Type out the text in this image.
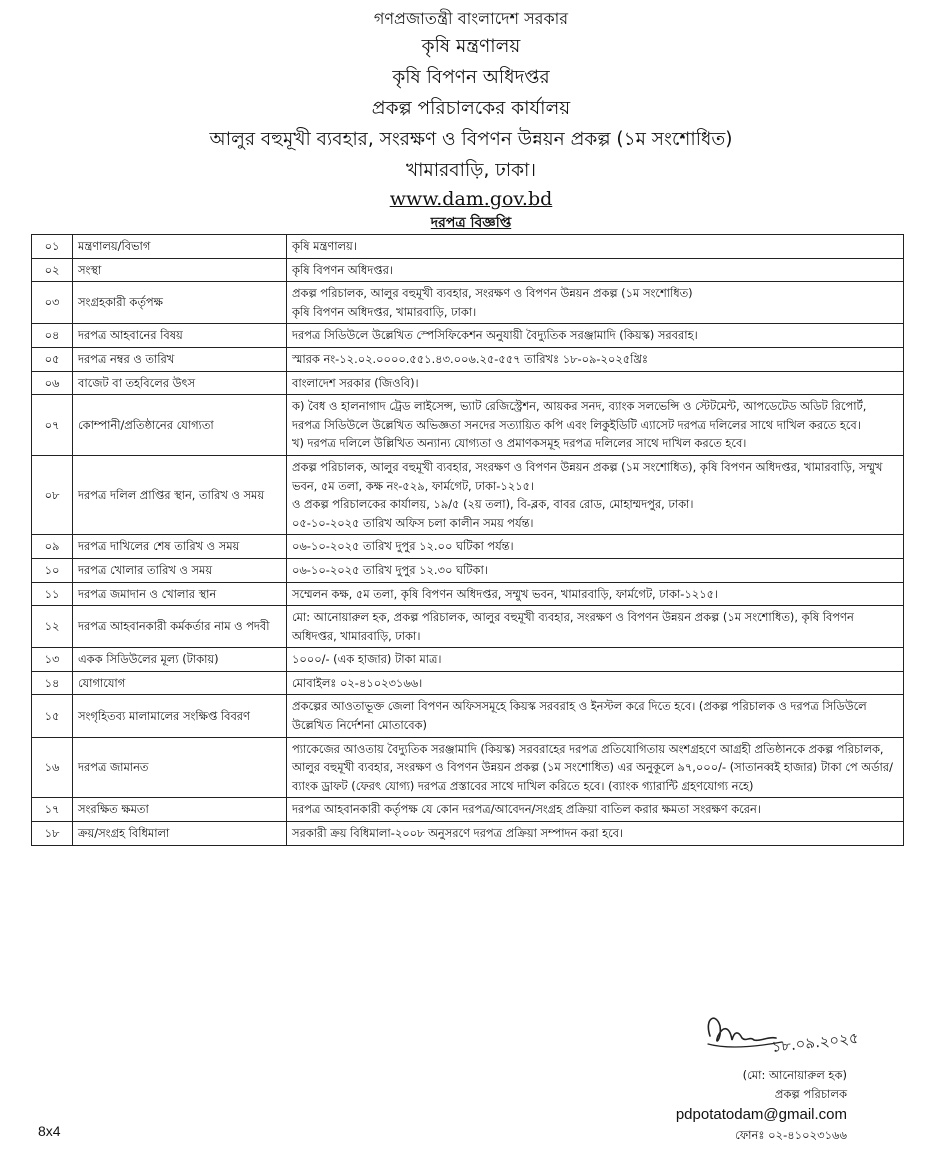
গণপ্রজাতন্ত্রী বাংলাদেশ সরকার
কৃষি মন্ত্রণালয়
কৃষি বিপণন অধিদপ্তর
প্রকল্প পরিচালকের কার্যালয়
আলুর বহুমূখী ব্যবহার, সংরক্ষণ ও বিপণন উন্নয়ন প্রকল্প (১ম সংশোধিত)
খামারবাড়ি, ঢাকা।
www.dam.gov.bd
দরপত্র বিজ্ঞপ্তি
০১	মন্ত্রণালয়/বিভাগ	কৃষি মন্ত্রণালয়।

০২	সংস্থা	কৃষি বিপণন অধিদপ্তর।

০৩	সংগ্রহকারী কর্তৃপক্ষ	প্রকল্প পরিচালক, আলুর বহুমূখী ব্যবহার, সংরক্ষণ ও বিপণন উন্নয়ন প্রকল্প (১ম সংশোধিত)
কৃষি বিপণন অধিদপ্তর, খামারবাড়ি, ঢাকা।

০৪	দরপত্র আহবানের বিষয়	দরপত্র সিডিউলে উল্লেখিত স্পেসিফিকেশন অনুযায়ী বৈদ্যুতিক সরঞ্জামাদি (কিয়স্ক) সরবরাহ।

০৫	দরপত্র নম্বর ও তারিখ	স্মারক নং-১২.০২.০০০০.৫৫১.৪৩.০০৬.২৫-৫৫৭ তারিখঃ ১৮-০৯-২০২৫খ্রিঃ

০৬	বাজেট বা তহবিলের উৎস	বাংলাদেশ সরকার (জিওবি)।

০৭	কোম্পানী/প্রতিষ্ঠানের যোগ্যতা	ক) বৈধ ও হালনাগাদ ট্রেড লাইসেন্স, ভ্যাট রেজিস্ট্রেশন, আয়কর সনদ, ব্যাংক সলভেন্সি ও স্টেটমেন্ট, আপডেটেড অডিট রিপোর্ট, দরপত্র সিডিউলে উল্লেখিত অভিজ্ঞতা সনদের সত্যায়িত কপি এবং লিকুইডিটি এ্যাসেট দরপত্র দলিলের সাথে দাখিল করতে হবে।
খ) দরপত্র দলিলে উল্লিখিত অন্যান্য যোগ্যতা ও প্রমাণকসমূহ দরপত্র দলিলের সাথে দাখিল করতে হবে।

০৮	দরপত্র দলিল প্রাপ্তির স্থান, তারিখ ও সময়	প্রকল্প পরিচালক, আলুর বহুমূখী ব্যবহার, সংরক্ষণ ও বিপণন উন্নয়ন প্রকল্প (১ম সংশোধিত), কৃষি বিপণন অধিদপ্তর, খামারবাড়ি, সম্মুখ ভবন, ৫ম তলা, কক্ষ নং-৫২৯, ফার্মগেট, ঢাকা-১২১৫।
ও প্রকল্প পরিচালকের কার্যালয়, ১৯/৫ (২য় তলা), বি-ব্লক, বাবর রোড, মোহাম্মদপুর, ঢাকা।
০৫-১০-২০২৫ তারিখ অফিস চলা কালীন সময় পর্যন্ত।

০৯	দরপত্র দাখিলের শেষ তারিখ ও সময়	০৬-১০-২০২৫ তারিখ দুপুর ১২.০০ ঘটিকা পর্যন্ত।

১০	দরপত্র খোলার তারিখ ও সময়	০৬-১০-২০২৫ তারিখ দুপুর ১২.৩০ ঘটিকা।

১১	দরপত্র জমাদান ও খোলার স্থান	সম্মেলন কক্ষ, ৫ম তলা, কৃষি বিপণন অধিদপ্তর, সম্মুখ ভবন, খামারবাড়ি, ফার্মগেট, ঢাকা-১২১৫।

১২	দরপত্র আহবানকারী কর্মকর্তার নাম ও পদবী	মো: আনোয়ারুল হক, প্রকল্প পরিচালক, আলুর বহুমূখী ব্যবহার, সংরক্ষণ ও বিপণন উন্নয়ন প্রকল্প (১ম সংশোধিত), কৃষি বিপণন অধিদপ্তর, খামারবাড়ি, ঢাকা।

১৩	একক সিডিউলের মূল্য (টাকায়)	১০০০/- (এক হাজার) টাকা মাত্র।

১৪	যোগাযোগ	মোবাইলঃ ০২-৪১০২৩১৬৬।

১৫	সংগৃহিতব্য মালামালের সংক্ষিপ্ত বিবরণ	প্রকল্পের আওতাভূক্ত জেলা বিপণন অফিসসমূহে কিয়স্ক সরবরাহ ও ইনস্টল করে দিতে হবে। (প্রকল্প পরিচালক ও দরপত্র সিডিউলে উল্লেখিত নির্দেশনা মোতাবেক)

১৬	দরপত্র জামানত	প্যাকেজের আওতায় বৈদ্যুতিক সরঞ্জামাদি (কিয়স্ক) সরবরাহের দরপত্র প্রতিযোগিতায় অংশগ্রহণে আগ্রহী প্রতিষ্ঠানকে প্রকল্প পরিচালক, আলুর বহুমূখী ব্যবহার, সংরক্ষণ ও বিপণন উন্নয়ন প্রকল্প (১ম সংশোধিত) এর অনুকূলে ৯৭,০০০/- (সাতানব্বই হাজার) টাকা পে অর্ডার/ ব্যাংক ড্রাফট (ফেরৎ যোগ্য) দরপত্র প্রস্তাবের সাথে দাখিল করিতে হবে। (ব্যাংক গ্যারান্টি গ্রহণযোগ্য নহে)

১৭	সংরক্ষিত ক্ষমতা	দরপত্র আহবানকারী কর্তৃপক্ষ যে কোন দরপত্র/আবেদন/সংগ্রহ প্রক্রিয়া বাতিল করার ক্ষমতা সংরক্ষণ করেন।

১৮	ক্রয়/সংগ্রহ বিধিমালা	সরকারী ক্রয় বিধিমালা-২০০৮ অনুসরণে দরপত্র প্রক্রিয়া সম্পাদন করা হবে।
১৮.০৯.২০২৫
(মো: আনোয়ারুল হক)
প্রকল্প পরিচালক
pdpotatodam@gmail.com
ফোনঃ ০২-৪১০২৩১৬৬
8x4
